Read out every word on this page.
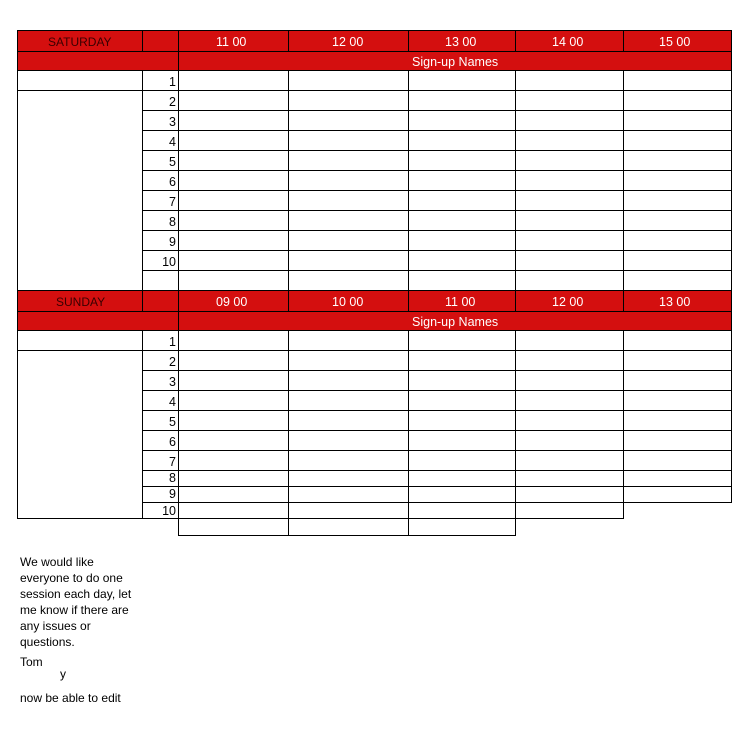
SATURDAY	11 00	12 00	13 00	14 00	15 00
Sign-up Names
1
2
3
4
5
6
7
8
9
10
SUNDAY	09 00	10 00	11 00	12 00	13 00
Sign-up Names
1
2
3
4
5
6
7
8
9
10
We would like
everyone to do one
session each day, let
me know if there are
any issues or
questions.
Tom
y
now be able to edit
